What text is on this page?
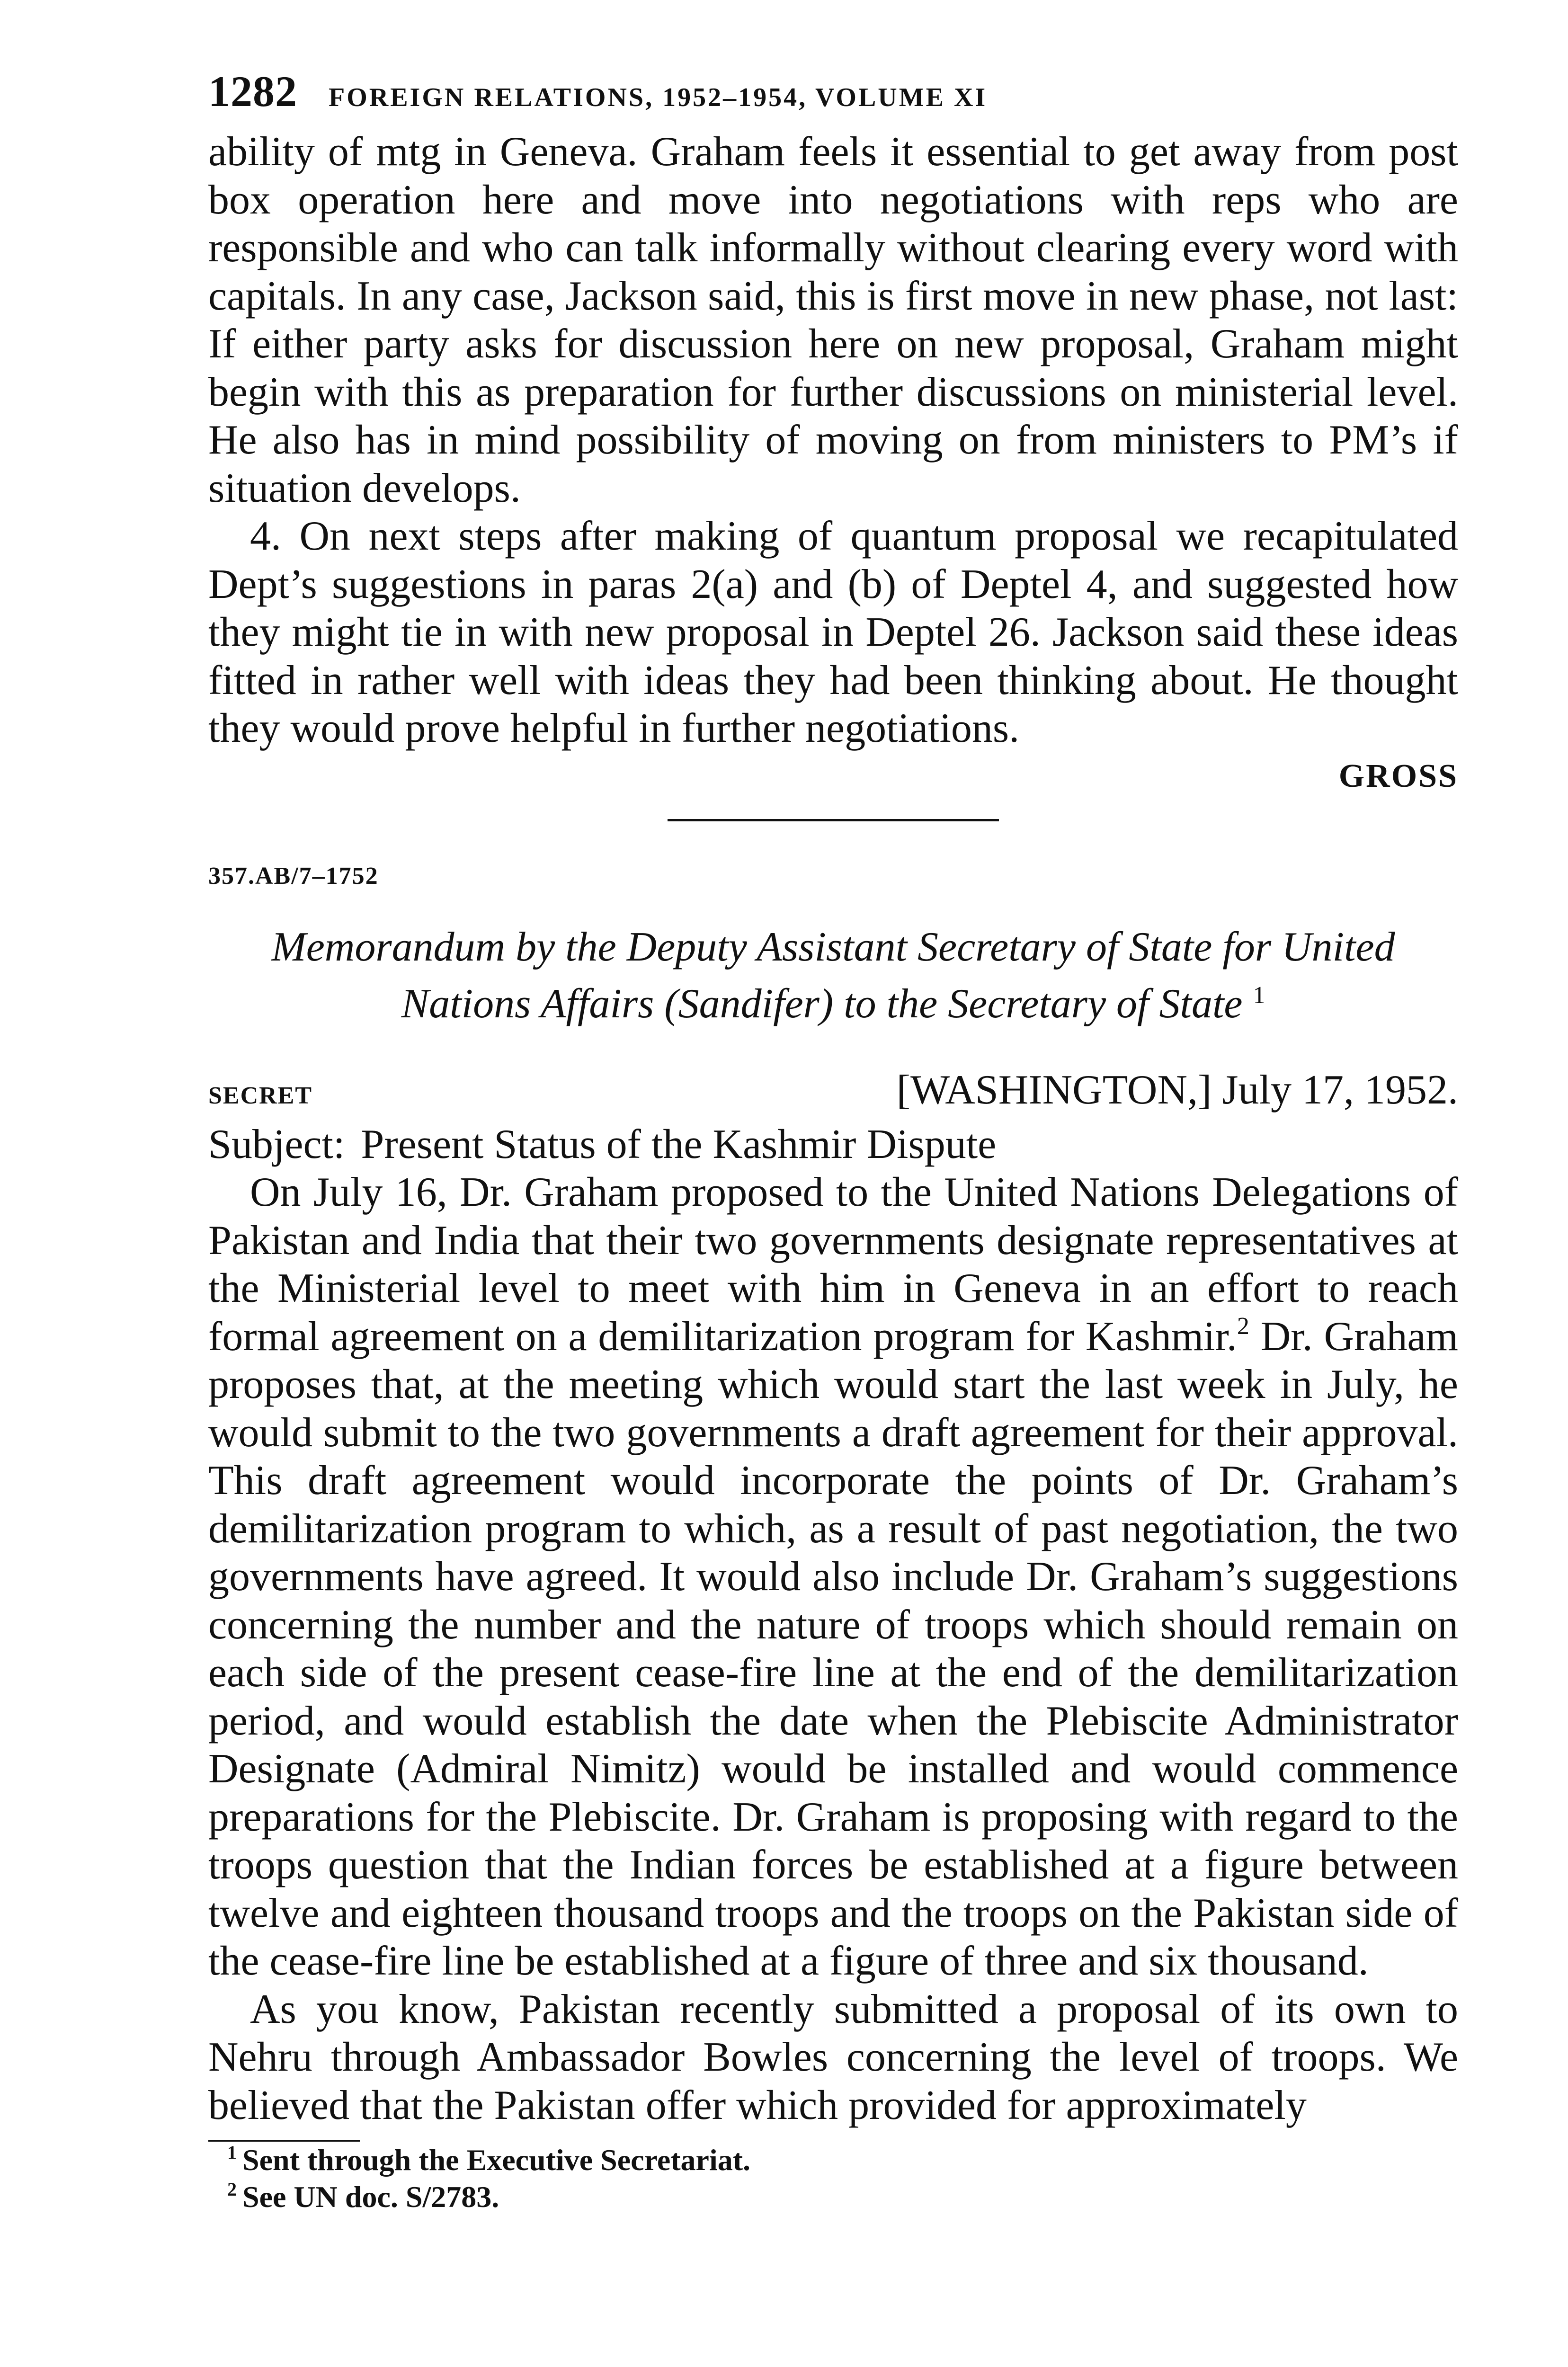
1282 FOREIGN RELATIONS, 1952–1954, VOLUME XI

ability of mtg in Geneva. Graham feels it essential to get away from post box operation here and move into negotiations with reps who are responsible and who can talk informally without clearing every word with capitals. In any case, Jackson said, this is first move in new phase, not last: If either party asks for discussion here on new proposal, Graham might begin with this as preparation for further discussions on ministerial level. He also has in mind possibility of moving on from ministers to PM’s if situation develops.

4. On next steps after making of quantum proposal we recapitulated Dept’s suggestions in paras 2(a) and (b) of Deptel 4, and suggested how they might tie in with new proposal in Deptel 26. Jackson said these ideas fitted in rather well with ideas they had been thinking about. He thought they would prove helpful in further negotiations.

GROSS
357.AB/7–1752
Memorandum by the Deputy Assistant Secretary of State for United Nations Affairs (Sandifer) to the Secretary of State $^1$
SECRET	[WASHINGTON,] July 17, 1952.
Subject: Present Status of the Kashmir Dispute

On July 16, Dr. Graham proposed to the United Nations Delegations of Pakistan and India that their two governments designate representatives at the Ministerial level to meet with him in Geneva in an effort to reach formal agreement on a demilitarization program for Kashmir.$^2$ Dr. Graham proposes that, at the meeting which would start the last week in July, he would submit to the two governments a draft agreement for their approval. This draft agreement would incorporate the points of Dr. Graham’s demilitarization program to which, as a result of past negotiation, the two governments have agreed. It would also include Dr. Graham’s suggestions concerning the number and the nature of troops which should remain on each side of the present cease-fire line at the end of the demilitarization period, and would establish the date when the Plebiscite Administrator Designate (Admiral Nimitz) would be installed and would commence preparations for the Plebiscite. Dr. Graham is proposing with regard to the troops question that the Indian forces be established at a figure between twelve and eighteen thousand troops and the troops on the Pakistan side of the cease-fire line be established at a figure of three and six thousand.

As you know, Pakistan recently submitted a proposal of its own to Nehru through Ambassador Bowles concerning the level of troops. We believed that the Pakistan offer which provided for approximately

$^1$ Sent through the Executive Secretariat.
$^2$ See UN doc. S/2783.
